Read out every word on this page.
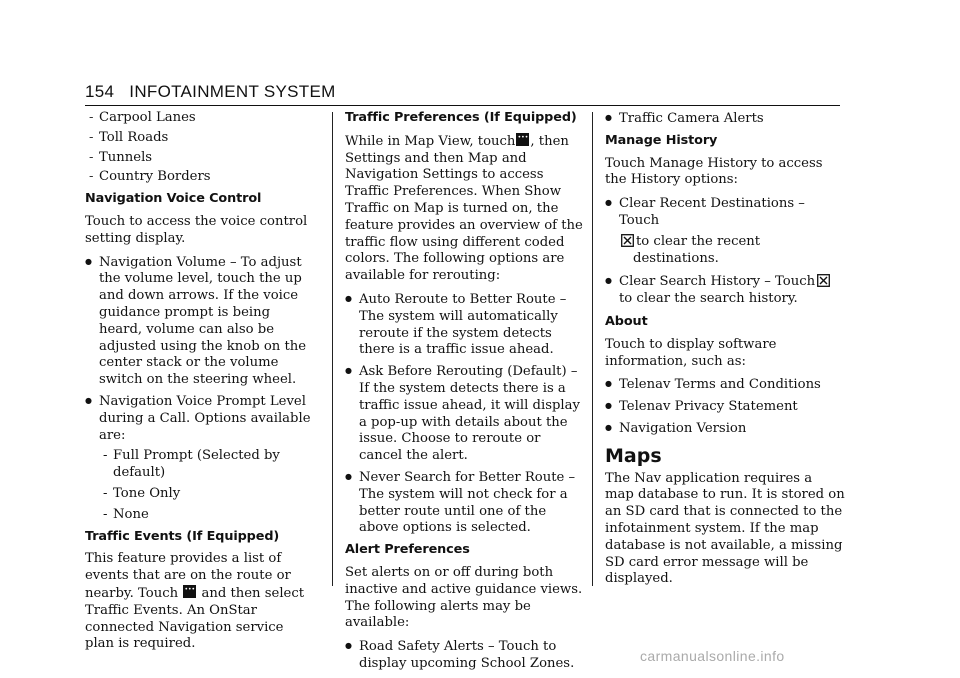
154 INFOTAINMENT SYSTEM
- Carpool Lanes
- Toll Roads
- Tunnels
- Country Borders
Navigation Voice Control

Touch to access the voice control setting display.

● Navigation Volume – To adjust the volume level, touch the up and down arrows. If the voice guidance prompt is being heard, volume can also be adjusted using the knob on the center stack or the volume switch on the steering wheel.
● Navigation Voice Prompt Level during a Call. Options available are:
- Full Prompt (Selected by default)
- Tone Only
- None
Traffic Events (If Equipped)

This feature provides a list of events that are on the route or nearby. Touch ••• and then select Traffic Events. An OnStar connected Navigation service plan is required.

Traffic Preferences (If Equipped)

While in Map View, touch••• , then Settings and then Map and Navigation Settings to access Traffic Preferences. When Show Traffic on Map is turned on, the feature provides an overview of the traffic flow using different coded colors. The following options are available for rerouting:

● Auto Reroute to Better Route – The system will automatically reroute if the system detects there is a traffic issue ahead.
● Ask Before Rerouting (Default) – If the system detects there is a traffic issue ahead, it will display a pop-up with details about the issue. Choose to reroute or cancel the alert.
● Never Search for Better Route – The system will not check for a better route until one of the above options is selected.
Alert Preferences

Set alerts on or off during both inactive and active guidance views. The following alerts may be available:

● Road Safety Alerts – Touch to display upcoming School Zones.
● Traffic Camera Alerts
Manage History

Touch Manage History to access the History options:

● Clear Recent Destinations – Touch
to clear the recent destinations.
● Clear Search History – Touchto clear the search history.
About

Touch to display software information, such as:

● Telenav Terms and Conditions
● Telenav Privacy Statement
● Navigation Version
Maps

The Nav application requires a map database to run. It is stored on an SD card that is connected to the infotainment system. If the map database is not available, a missing SD card error message will be displayed.

carmanualsonline.info
